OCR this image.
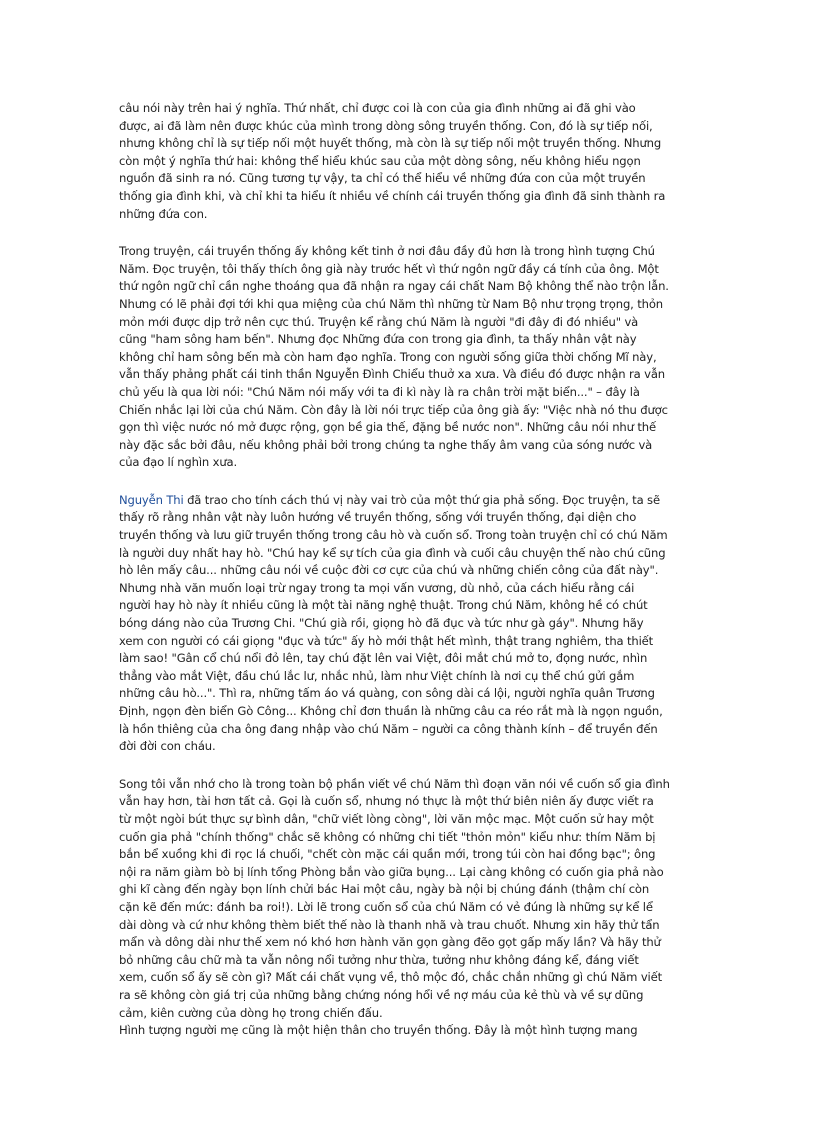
câu nói này trên hai ý nghĩa. Thứ nhất, chỉ được coi là con của gia đình những ai đã ghi vào
được, ai đã làm nên được khúc của mình trong dòng sông truyền thống. Con, đó là sự tiếp nối,
nhưng không chỉ là sự tiếp nối một huyết thống, mà còn là sự tiếp nối một truyền thống. Nhưng
còn một ý nghĩa thứ hai: không thể hiểu khúc sau của một dòng sông, nếu không hiểu ngọn
nguồn đã sinh ra nó. Cũng tương tự vậy, ta chỉ có thể hiểu về những đứa con của một truyền
thống gia đình khi, và chỉ khi ta hiểu ít nhiều về chính cái truyền thống gia đình đã sinh thành ra
những đứa con.
Trong truyện, cái truyền thống ấy không kết tinh ở nơi đâu đầy đủ hơn là trong hình tượng Chú
Năm. Đọc truyện, tôi thấy thích ông già này trước hết vì thứ ngôn ngữ đầy cá tính của ông. Một
thứ ngôn ngữ chỉ cần nghe thoáng qua đã nhận ra ngay cái chất Nam Bộ không thể nào trộn lẫn.
Nhưng có lẽ phải đợi tới khi qua miệng của chú Năm thì những từ Nam Bộ như trọng trọng, thỏn
mỏn mới được dịp trở nên cực thú. Truyện kể rằng chú Năm là người "đi đây đi đó nhiều" và
cũng "ham sông ham bến". Nhưng đọc Những đứa con trong gia đình, ta thấy nhân vật này
không chỉ ham sông bến mà còn ham đạo nghĩa. Trong con người sống giữa thời chống Mĩ này,
vẫn thấy phảng phất cái tinh thần Nguyễn Đình Chiểu thuở xa xưa. Và điều đó được nhận ra vẫn
chủ yếu là qua lời nói: "Chú Năm nói mấy với ta đi kì này là ra chân trời mặt biển..." – đây là
Chiến nhắc lại lời của chú Năm. Còn đây là lời nói trực tiếp của ông già ấy: "Việc nhà nó thu được
gọn thì việc nước nó mở được rộng, gọn bề gia thế, đặng bề nước non". Những câu nói như thế
này đặc sắc bởi đâu, nếu không phải bởi trong chúng ta nghe thấy âm vang của sóng nước và
của đạo lí nghìn xưa.
Nguyễn Thi đã trao cho tính cách thú vị này vai trò của một thứ gia phả sống. Đọc truyện, ta sẽ
thấy rõ rằng nhân vật này luôn hướng về truyền thống, sống với truyền thống, đại diện cho
truyền thống và lưu giữ truyền thống trong câu hò và cuốn sổ. Trong toàn truyện chỉ có chú Năm
là người duy nhất hay hò. "Chú hay kể sự tích của gia đình và cuối câu chuyện thế nào chú cũng
hò lên mấy câu... những câu nói về cuộc đời cơ cực của chú và những chiến công của đất này".
Nhưng nhà văn muốn loại trừ ngay trong ta mọi vấn vương, dù nhỏ, của cách hiểu rằng cái
người hay hò này ít nhiều cũng là một tài năng nghệ thuật. Trong chú Năm, không hề có chút
bóng dáng nào của Trương Chi. "Chú già rồi, giọng hò đã đục và tức như gà gáy". Nhưng hãy
xem con người có cái giọng "đục và tức" ấy hò mới thật hết mình, thật trang nghiêm, tha thiết
làm sao! "Gân cổ chú nổi đỏ lên, tay chú đặt lên vai Việt, đôi mắt chú mở to, đọng nước, nhìn
thẳng vào mắt Việt, đầu chú lắc lư, nhắc nhủ, làm như Việt chính là nơi cụ thể chú gửi gắm
những câu hò...". Thì ra, những tấm áo vá quàng, con sông dài cá lội, người nghĩa quân Trương
Định, ngọn đèn biển Gò Công... Không chỉ đơn thuần là những câu ca réo rắt mà là ngọn nguồn,
là hồn thiêng của cha ông đang nhập vào chú Năm – người ca công thành kính – để truyền đến
đời đời con cháu.
Song tôi vẫn nhớ cho là trong toàn bộ phần viết về chú Năm thì đoạn văn nói về cuốn sổ gia đình
vẫn hay hơn, tài hơn tất cả. Gọi là cuốn sổ, nhưng nó thực là một thứ biên niên ấy được viết ra
từ một ngòi bút thực sự bình dân, "chữ viết lòng còng", lời văn mộc mạc. Một cuốn sử hay một
cuốn gia phả "chính thống" chắc sẽ không có những chi tiết "thỏn mỏn" kiểu như: thím Năm bị
bắn bể xuồng khi đi rọc lá chuối, "chết còn mặc cái quần mới, trong túi còn hai đồng bạc"; ông
nội ra năm giàm bò bị lính tổng Phòng bắn vào giữa bụng... Lại càng không có cuốn gia phả nào
ghi kĩ càng đến ngày bọn lính chửi bác Hai một câu, ngày bà nội bị chúng đánh (thậm chí còn
cặn kẽ đến mức: đánh ba roi!). Lời lẽ trong cuốn sổ của chú Năm có vẻ đúng là những sự kể lể
dài dòng và cứ như không thèm biết thế nào là thanh nhã và trau chuốt. Nhưng xin hãy thử tẩn
mẩn và dông dài như thế xem nó khó hơn hành văn gọn gàng đẽo gọt gấp mấy lần? Và hãy thử
bỏ những câu chữ mà ta vẫn nông nổi tưởng như thừa, tưởng như không đáng kể, đáng viết
xem, cuốn sổ ấy sẽ còn gì? Mất cái chất vụng về, thô mộc đó, chắc chắn những gì chú Năm viết
ra sẽ không còn giá trị của những bằng chứng nóng hổi về nợ máu của kẻ thù và về sự dũng
cảm, kiên cường của dòng họ trong chiến đấu.
Hình tượng người mẹ cũng là một hiện thân cho truyền thống. Đây là một hình tượng mang
